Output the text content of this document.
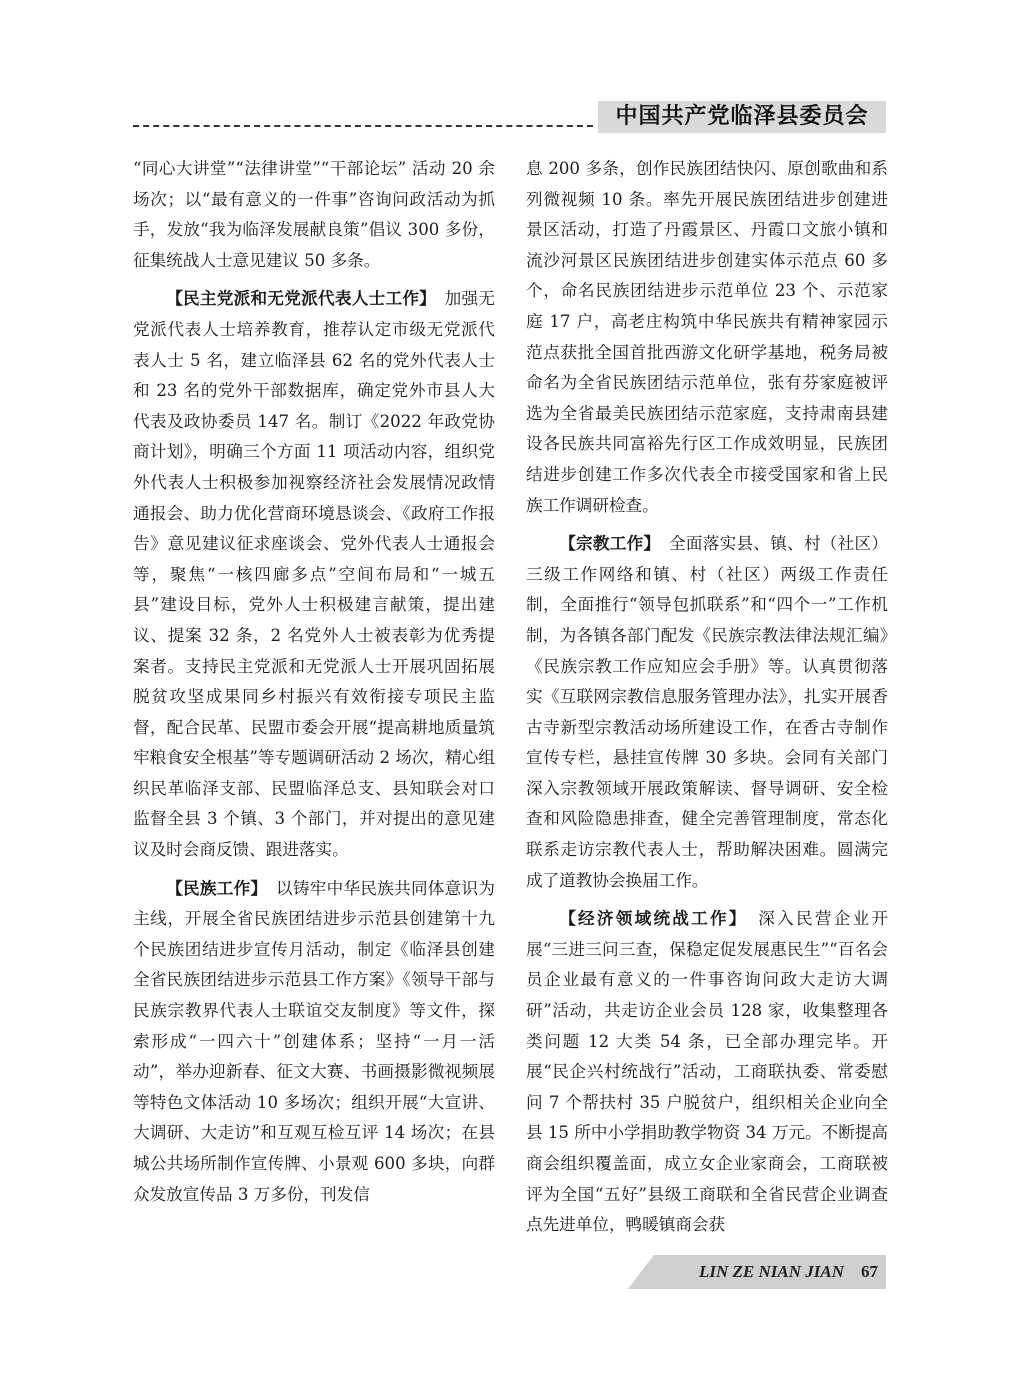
中国共产党临泽县委员会

“同心大讲堂”“法律讲堂”“干部论坛” 活动 20 余场次；以“最有意义的一件事”咨询问政活动为抓手，发放“我为临泽发展献良策”倡议 300 多份，征集统战人士意见建议 50 多条。

【民主党派和无党派代表人士工作】　 加强无党派代表人士培养教育，推荐认定市级无党派代表人士 5 名，建立临泽县 62 名的党外代表人士和 23 名的党外干部数据库，确定党外市县人大代表及政协委员 147 名。制订《2022 年政党协商计划》，明确三个方面 11 项活动内容，组织党外代表人士积极参加视察经济社会发展情况政情通报会、助力优化营商环境恳谈会、《政府工作报告》意见建议征求座谈会、党外代表人士通报会等，聚焦“一核四廊多点”空间布局和“一城五县”建设目标，党外人士积极建言献策，提出建议、提案 32 条，2 名党外人士被表彰为优秀提案者。支持民主党派和无党派人士开展巩固拓展脱贫攻坚成果同乡村振兴有效衔接专项民主监督，配合民革、民盟市委会开展“提高耕地质量筑牢粮食安全根基”等专题调研活动 2 场次，精心组织民革临泽支部、民盟临泽总支、县知联会对口监督全县 3 个镇、3 个部门，并对提出的意见建议及时会商反馈、跟进落实。

【民族工作】　 以铸牢中华民族共同体意识为主线，开展全省民族团结进步示范县创建第十九个民族团结进步宣传月活动，制定《临泽县创建全省民族团结进步示范县工作方案》《领导干部与民族宗教界代表人士联谊交友制度》等文件，探索形成“一四六十”创建体系；坚持“一月一活动”，举办迎新春、征文大赛、书画摄影微视频展等特色文体活动 10 多场次；组织开展“大宣讲、大调研、大走访”和互观互检互评 14 场次；在县城公共场所制作宣传牌、小景观 600 多块，向群众发放宣传品 3 万多份，刊发信

息 200 多条，创作民族团结快闪、原创歌曲和系列微视频 10 条。率先开展民族团结进步创建进景区活动，打造了丹霞景区、丹霞口文旅小镇和流沙河景区民族团结进步创建实体示范点 60 多个，命名民族团结进步示范单位 23 个、示范家庭 17 户，高老庄构筑中华民族共有精神家园示范点获批全国首批西游文化研学基地，税务局被命名为全省民族团结示范单位，张有芬家庭被评选为全省最美民族团结示范家庭，支持肃南县建设各民族共同富裕先行区工作成效明显，民族团结进步创建工作多次代表全市接受国家和省上民族工作调研检查。

【宗教工作】　 全面落实县、镇、村（社区）三级工作网络和镇、村（社区）两级工作责任制，全面推行“领导包抓联系”和“四个一”工作机制，为各镇各部门配发《民族宗教法律法规汇编》《民族宗教工作应知应会手册》等。认真贯彻落实《互联网宗教信息服务管理办法》，扎实开展香古寺新型宗教活动场所建设工作，在香古寺制作宣传专栏，悬挂宣传牌 30 多块。会同有关部门深入宗教领域开展政策解读、督导调研、安全检查和风险隐患排查，健全完善管理制度，常态化联系走访宗教代表人士，帮助解决困难。圆满完成了道教协会换届工作。

【经济领域统战工作】　 深入民营企业开展“三进三问三查，保稳定促发展惠民生”“百名会员企业最有意义的一件事咨询问政大走访大调研”活动，共走访企业会员 128 家，收集整理各类问题 12 大类 54 条，已全部办理完毕。开展“民企兴村统战行”活动，工商联执委、常委慰问 7 个帮扶村 35 户脱贫户，组织相关企业向全县 15 所中小学捐助教学物资 34 万元。不断提高商会组织覆盖面，成立女企业家商会，工商联被评为全国“五好”县级工商联和全省民营企业调查点先进单位，鸭暖镇商会获

LIN ZE NIAN JIAN 67
